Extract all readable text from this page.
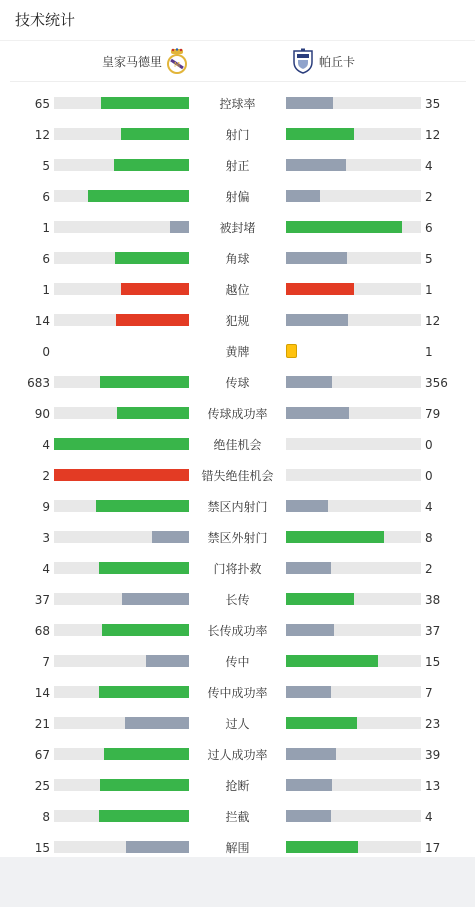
技术统计
皇家马德里 M	帕丘卡
65	控球率	35
12	射门	12
5	射正	4
6	射偏	2
1	被封堵	6
6	角球	5
1	越位	1
14	犯规	12
0	黄牌	1
683	传球	356
90	传球成功率	79
4	绝佳机会	0
2	错失绝佳机会	0
9	禁区内射门	4
3	禁区外射门	8
4	门将扑救	2
37	长传	38
68	长传成功率	37
7	传中	15
14	传中成功率	7
21	过人	23
67	过人成功率	39
25	抢断	13
8	拦截	4
15	解围	17
